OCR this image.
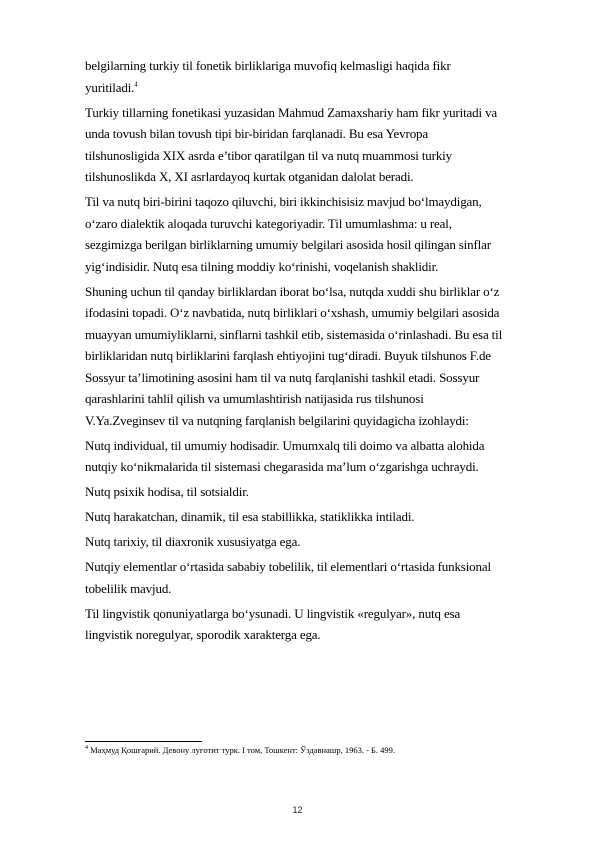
belgilarning turkiy til fonetik birliklariga muvofiq kelmasligi haqida fikr
yuritiladi.$^4$

Turkiy tillarning fonetikasi yuzasidan Mahmud Zamaxshariy ham fikr yuritadi va
unda tovush bilan tovush tipi bir-biridan farqlanadi. Bu esa Yevropa
tilshunosligida XIX asrda e’tibor qaratilgan til va nutq muammosi turkiy
tilshunoslikda X, XI asrlardayoq kurtak otganidan dalolat beradi.

Til va nutq biri-birini taqozo qiluvchi, biri ikkinchisisiz mavjud bo‘lmaydigan,
o‘zaro dialektik aloqada turuvchi kategoriyadir. Til umumlashma: u real,
sezgimizga berilgan birliklarning umumiy belgilari asosida hosil qilingan sinflar
yig‘indisidir. Nutq esa tilning moddiy ko‘rinishi, voqelanish shaklidir.

Shuning uchun til qanday birliklardan iborat bo‘lsa, nutqda xuddi shu birliklar o‘z
ifodasini topadi. O‘z navbatida, nutq birliklari o‘xshash, umumiy belgilari asosida
muayyan umumiyliklarni, sinflarni tashkil etib, sistemasida o‘rinlashadi. Bu esa til
birliklaridan nutq birliklarini farqlash ehtiyojini tug‘diradi. Buyuk tilshunos F.de
Sossyur ta’limotining asosini ham til va nutq farqlanishi tashkil etadi. Sossyur
qarashlarini tahlil qilish va umumlashtirish natijasida rus tilshunosi
V.Ya.Zveginsev til va nutqning farqlanish belgilarini quyidagicha izohlaydi:

Nutq individual, til umumiy hodisadir. Umumxalq tili doimo va albatta alohida
nutqiy ko‘nikmalarida til sistemasi chegarasida ma’lum o‘zgarishga uchraydi.

Nutq psixik hodisa, til sotsialdir.

Nutq harakatchan, dinamik, til esa stabillikka, statiklikka intiladi.

Nutq tarixiy, til diaxronik xususiyatga ega.

Nutqiy elementlar o‘rtasida sababiy tobelilik, til elementlari o‘rtasida funksional
tobelilik mavjud.

Til lingvistik qonuniyatlarga bo‘ysunadi. U lingvistik «regulyar», nutq esa
lingvistik noregulyar, sporodik xarakterga ega.

$^4$ Маҳмуд Қошғарий. Девону луғотит турк. I том, Тошкент: Ўздавнашр, 1963. - Б. 499.
12
